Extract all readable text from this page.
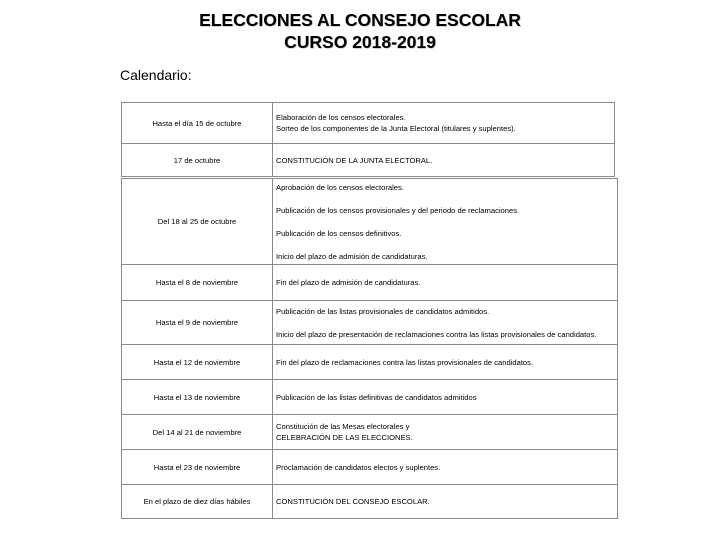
ELECCIONES AL CONSEJO ESCOLAR
CURSO 2018-2019

Calendario:

Hasta el día 15 de octubre	Elaboración de los censos electorales.
Sorteo de los componentes de la Junta Electoral (titulares y suplentes).

17 de octubre	CONSTITUCIÓN DE LA JUNTA ELECTORAL.
Del 18 al 25 de octubre	Aprobación de los censos electorales.
Publicación de los censos provisionales y del periodo de reclamaciones.
Publicación de los censos definitivos.
Inicio del plazo de admisión de candidaturas.

Hasta el 8 de noviembre	Fin del plazo de admisión de candidaturas.

Hasta el 9 de noviembre	Publicación de las listas provisionales de candidatos admitidos.
Inicio del plazo de presentación de reclamaciones contra las listas provisionales de candidatos.

Hasta el 12 de noviembre	Fin del plazo de reclamaciones contra las listas provisionales de candidatos.

Hasta el 13 de noviembre	Publicación de las listas definitivas de candidatos admitidos

Del 14 al 21 de noviembre	Constitución de las Mesas electorales y
CELEBRACIÓN DE LAS ELECCIONES.

Hasta el 23 de noviembre	Proclamación de candidatos electos y suplentes.

En el plazo de diez días hábiles	CONSTITUCIÓN DEL CONSEJO ESCOLAR.
